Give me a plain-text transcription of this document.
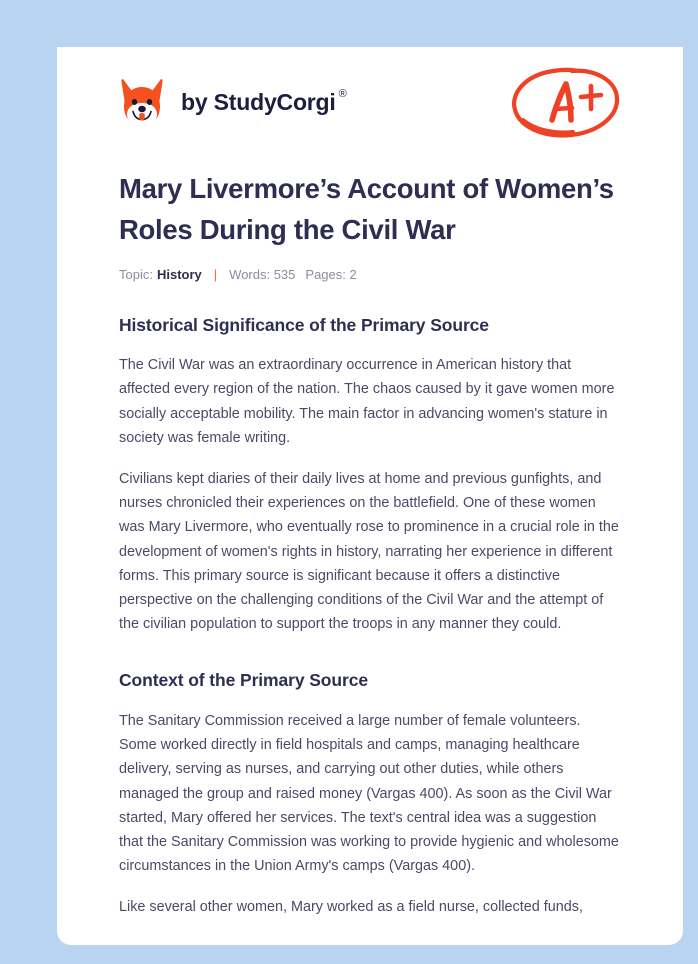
by
StudyCorgi ®
Mary Livermore’s Account of Women’s Roles During the Civil War
Topic: History | Words: 535 Pages: 2
Historical Significance of the Primary Source

The Civil War was an extraordinary occurrence in American history that affected every region of the nation. The chaos caused by it gave women more socially acceptable mobility. The main factor in advancing women's stature in society was female writing.

Civilians kept diaries of their daily lives at home and previous gunfights, and nurses chronicled their experiences on the battlefield. One of these women was Mary Livermore, who eventually rose to prominence in a crucial role in the development of women's rights in history, narrating her experience in different forms. This primary source is significant because it offers a distinctive perspective on the challenging conditions of the Civil War and the attempt of the civilian population to support the troops in any manner they could.

Context of the Primary Source

The Sanitary Commission received a large number of female volunteers. Some worked directly in field hospitals and camps, managing healthcare delivery, serving as nurses, and carrying out other duties, while others managed the group and raised money (Vargas 400). As soon as the Civil War started, Mary offered her services. The text's central idea was a suggestion that the Sanitary Commission was working to provide hygienic and wholesome circumstances in the Union Army's camps (Vargas 400).

Like several other women, Mary worked as a field nurse, collected funds,
